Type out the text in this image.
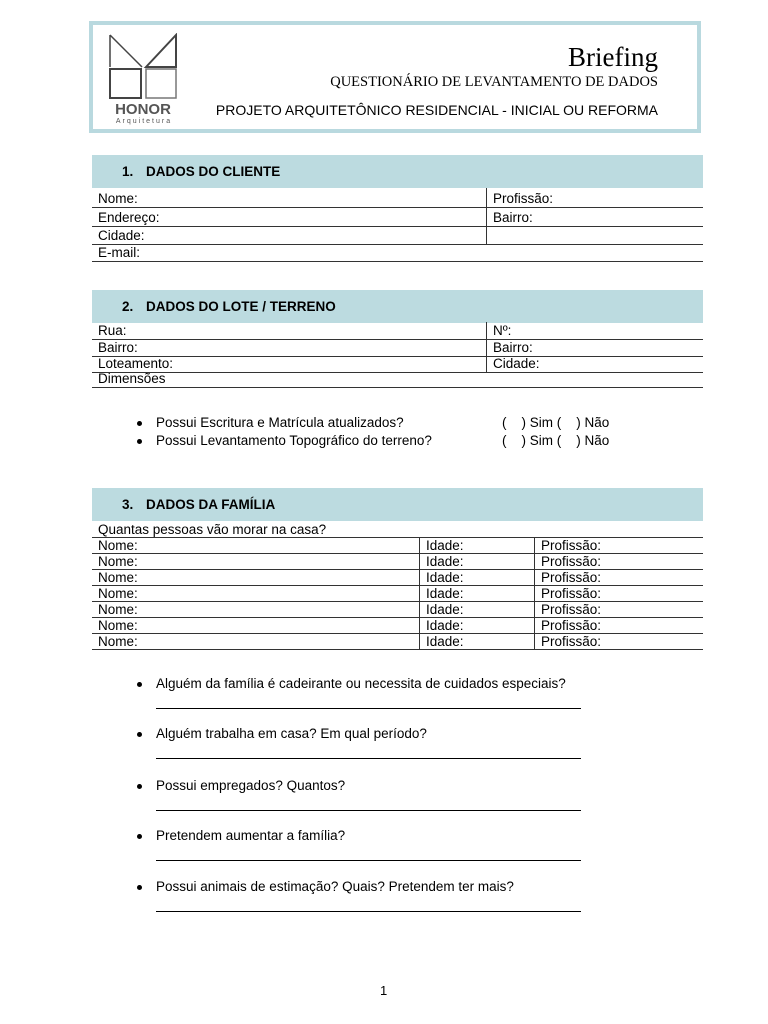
HONOR
Arquitetura
Briefing
QUESTIONÁRIO DE LEVANTAMENTO DE DADOS
PROJETO ARQUITETÔNICO RESIDENCIAL - INICIAL OU REFORMA
1. DADOS DO CLIENTE
2. DADOS DO LOTE / TERRENO
3. DADOS DA FAMÍLIA
Quantas pessoas vão morar na casa?
1
Nome:	Profissão:
Endereço:	Bairro:
Cidade:
E-mail:
Rua:	Nº:
Bairro:	Bairro:
Loteamento:	Cidade:
Dimensões
Possui Escritura e Matrícula atualizados?	(    ) Sim (    ) Não
Possui Levantamento Topográfico do terreno?	(    ) Sim (    ) Não
Nome:	Idade:	Profissão:
Nome:	Idade:	Profissão:
Nome:	Idade:	Profissão:
Nome:	Idade:	Profissão:
Nome:	Idade:	Profissão:
Nome:	Idade:	Profissão:
Nome:	Idade:	Profissão:
Alguém da família é cadeirante ou necessita de cuidados especiais?
Alguém trabalha em casa? Em qual período?
Possui empregados? Quantos?
Pretendem aumentar a família?
Possui animais de estimação? Quais? Pretendem ter mais?
